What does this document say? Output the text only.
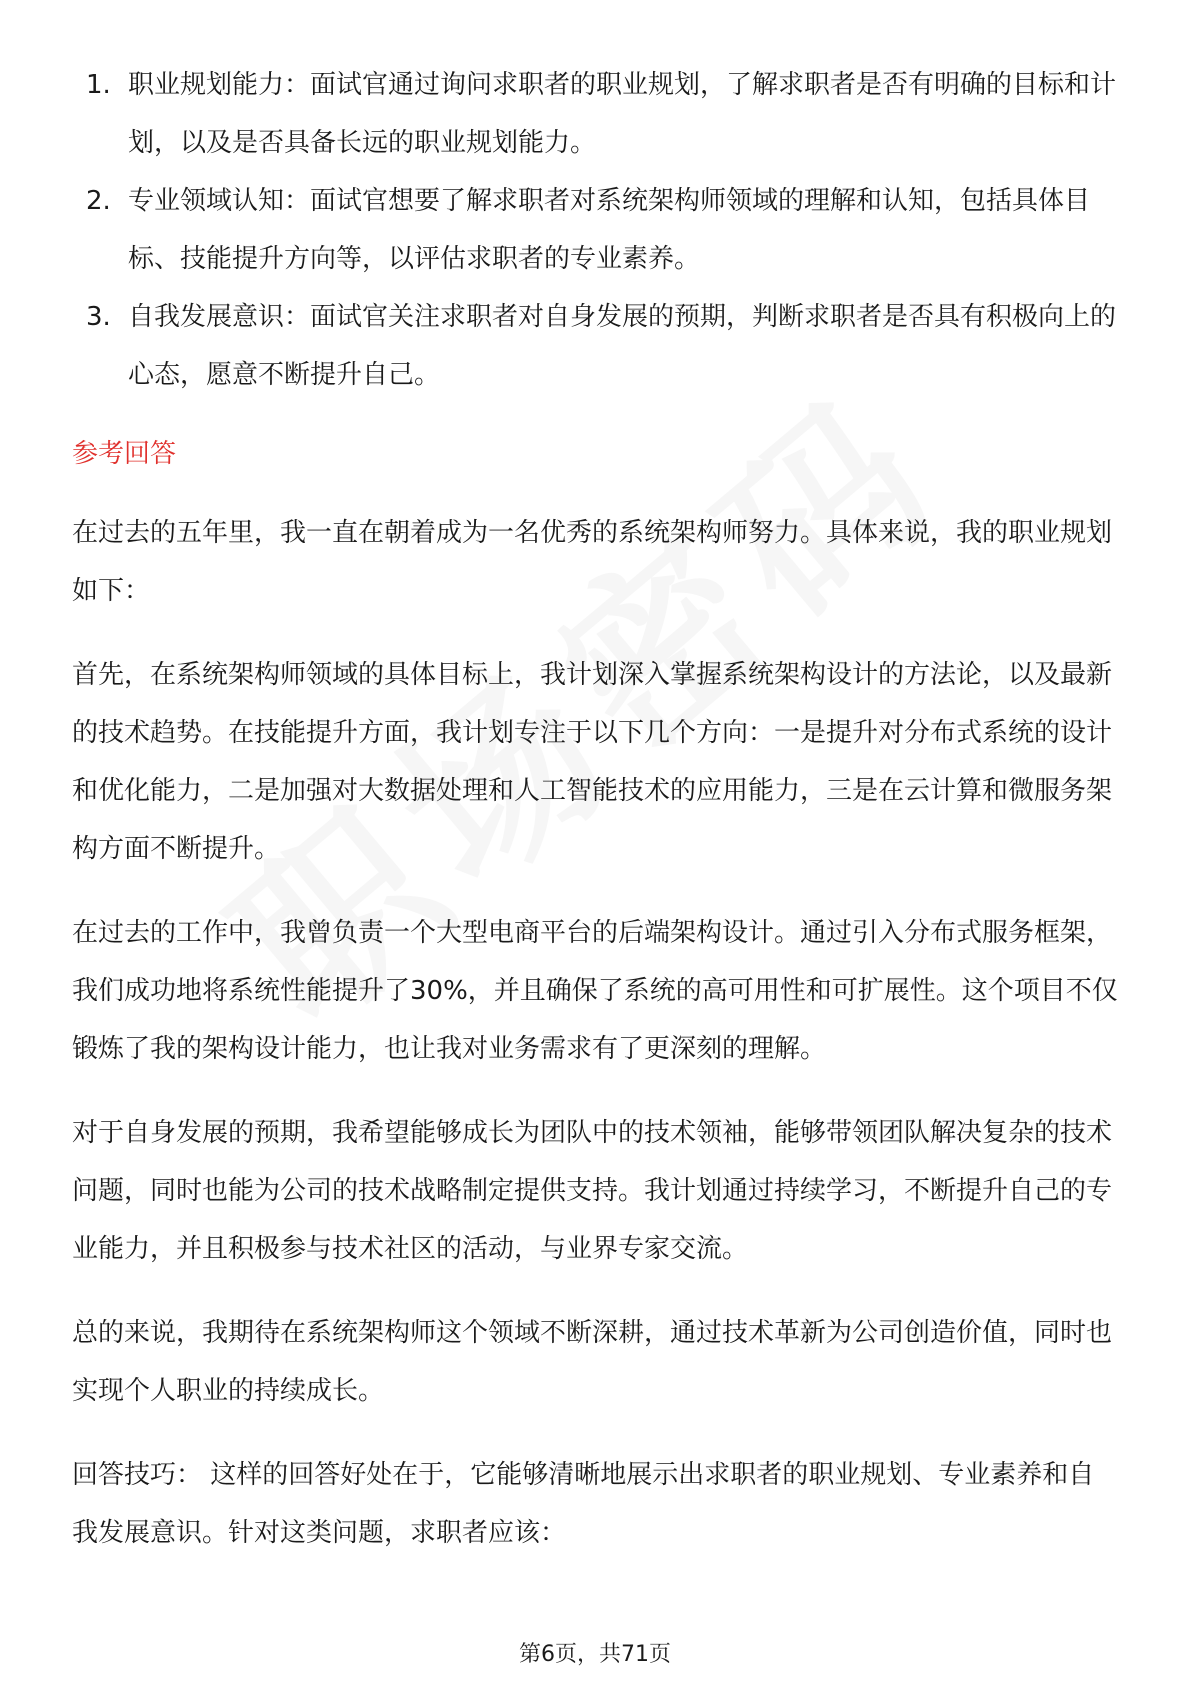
1. 职业规划能力：面试官通过询问求职者的职业规划，了解求职者是否有明确的目标和计划，以及是否具备长远的职业规划能力。
2. 专业领域认知：面试官想要了解求职者对系统架构师领域的理解和认知，包括具体目标、技能提升方向等，以评估求职者的专业素养。
3. 自我发展意识：面试官关注求职者对自身发展的预期，判断求职者是否具有积极向上的心态，愿意不断提升自己。
参考回答

在过去的五年里，我一直在朝着成为一名优秀的系统架构师努力。具体来说，我的职业规划如下：

首先，在系统架构师领域的具体目标上，我计划深入掌握系统架构设计的方法论，以及最新的技术趋势。在技能提升方面，我计划专注于以下几个方向：一是提升对分布式系统的设计和优化能力，二是加强对大数据处理和人工智能技术的应用能力，三是在云计算和微服务架构方面不断提升。

在过去的工作中，我曾负责一个大型电商平台的后端架构设计。通过引入分布式服务框架，我们成功地将系统性能提升了30%，并且确保了系统的高可用性和可扩展性。这个项目不仅锻炼了我的架构设计能力，也让我对业务需求有了更深刻的理解。

对于自身发展的预期，我希望能够成长为团队中的技术领袖，能够带领团队解决复杂的技术问题，同时也能为公司的技术战略制定提供支持。我计划通过持续学习，不断提升自己的专业能力，并且积极参与技术社区的活动，与业界专家交流。

总的来说，我期待在系统架构师这个领域不断深耕，通过技术革新为公司创造价值，同时也实现个人职业的持续成长。

回答技巧： 这样的回答好处在于，它能够清晰地展示出求职者的职业规划、专业素养和自我发展意识。针对这类问题，求职者应该：

第6页，共71页
